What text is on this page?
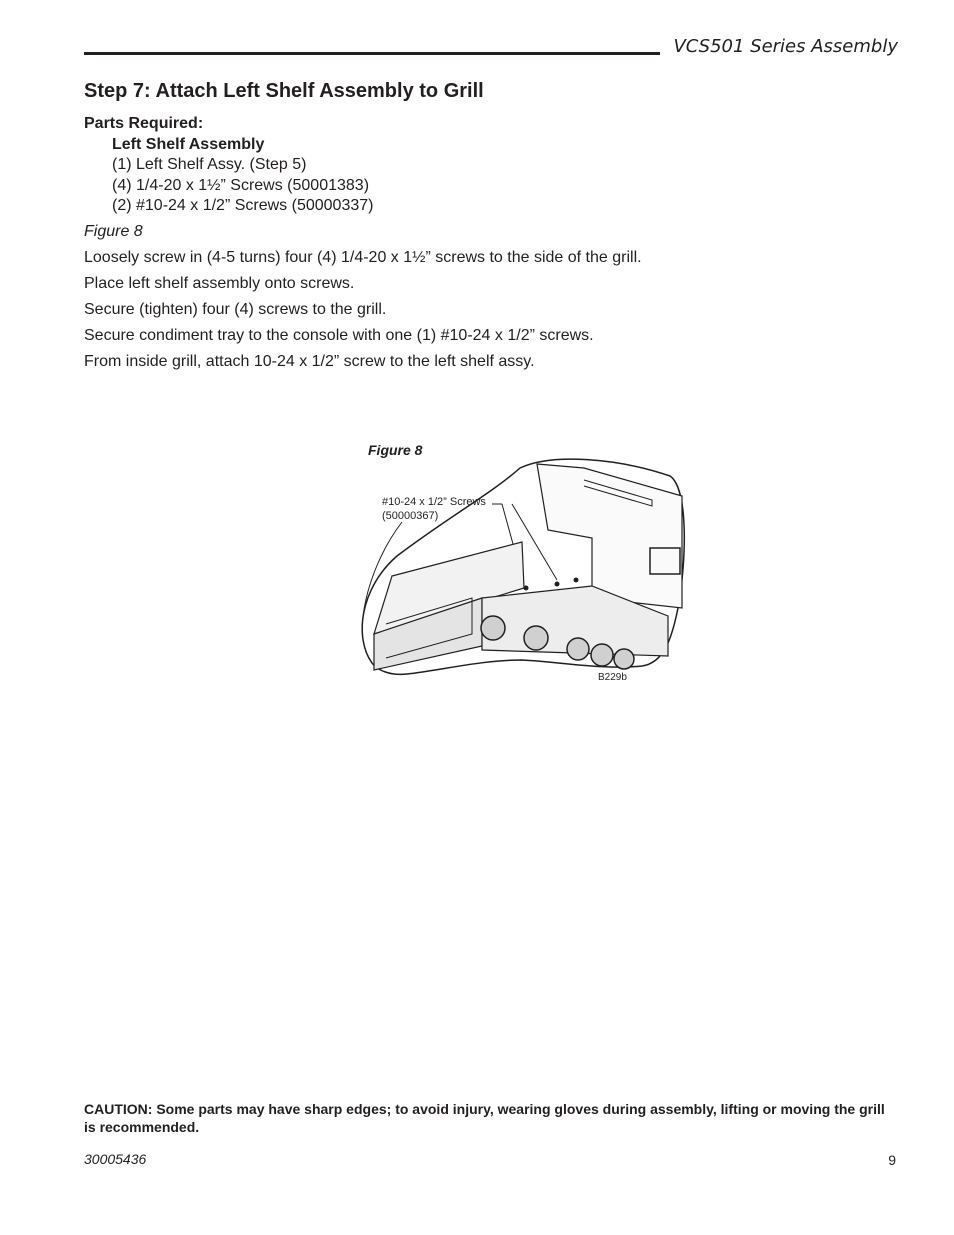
VCS501 Series Assembly
Step 7: Attach Left Shelf Assembly to Grill
Parts Required:
Left Shelf Assembly
(1) Left Shelf Assy. (Step 5)
(4) 1/4-20 x 1½” Screws (50001383)
(2) #10-24 x 1/2” Screws (50000337)
Figure 8
Loosely screw in (4-5 turns) four (4) 1/4-20 x 1½” screws to the side of the grill.
Place left shelf assembly onto screws.
Secure (tighten) four (4) screws to the grill.
Secure condiment tray to the console with one (1) #10-24 x 1/2” screws.
From inside grill, attach 10-24 x 1/2” screw to the left shelf assy.
Figure 8
#10-24 x 1/2” Screws
(50000367)
B229b
CAUTION: Some parts may have sharp edges; to avoid injury, wearing gloves during assembly, lifting or moving the grill is recommended.
30005436	9
